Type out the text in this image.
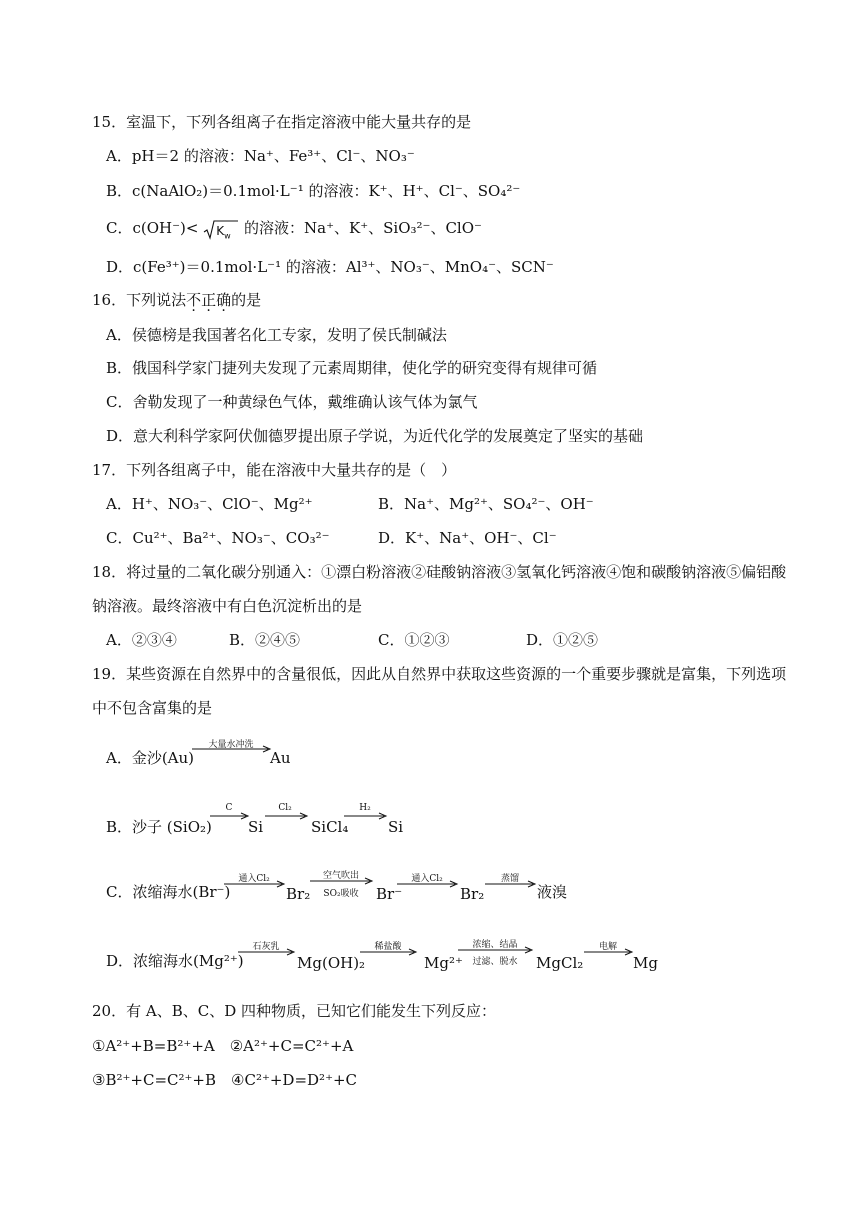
15．室温下，下列各组离子在指定溶液中能大量共存的是
A．pH＝2 的溶液：Na⁺、Fe³⁺、Cl⁻、NO₃⁻
B．c(NaAlO₂)＝0.1mol·L⁻¹ 的溶液：K⁺、H⁺、Cl⁻、SO₄²⁻
C．$c(OH^-)< K_w$ 的溶液：Na⁺、K⁺、SiO₃²⁻、ClO⁻
D．c(Fe³⁺)＝0.1mol·L⁻¹ 的溶液：Al³⁺、NO₃⁻、MnO₄⁻、SCN⁻
16．下列说法不正确的是
A．侯德榜是我国著名化工专家，发明了侯氏制碱法
B．俄国科学家门捷列夫发现了元素周期律，使化学的研究变得有规律可循
C．舍勒发现了一种黄绿色气体，戴维确认该气体为氯气
D．意大利科学家阿伏伽德罗提出原子学说，为近代化学的发展奠定了坚实的基础
17．下列各组离子中，能在溶液中大量共存的是（　）
A．H⁺、NO₃⁻、ClO⁻、Mg²⁺	B．Na⁺、Mg²⁺、SO₄²⁻、OH⁻
C．Cu²⁺、Ba²⁺、NO₃⁻、CO₃²⁻	D．K⁺、Na⁺、OH⁻、Cl⁻
18．将过量的二氧化碳分别通入：①漂白粉溶液②硅酸钠溶液③氢氧化钙溶液④饱和碳酸钠溶液⑤偏铝酸
钠溶液。最终溶液中有白色沉淀析出的是
A．②③④	B．②④⑤	C．①②③	D．①②⑤
19．某些资源在自然界中的含量很低，因此从自然界中获取这些资源的一个重要步骤就是富集，下列选项
中不包含富集的是
A．金沙(Au)
大量水冲洗
Au
B．沙子 (SiO₂)
C
Si
Cl₂
SiCl₄
H₂
Si
C．浓缩海水(Br⁻)
通入Cl₂
Br₂
空气吹出
SO₂吸收	Br⁻
通入Cl₂
Br₂
蒸馏
液溴
D．浓缩海水(Mg²⁺)
石灰乳
Mg(OH)₂
稀盐酸
Mg²⁺
浓缩、结晶
过滤、脱水	MgCl₂
电解
Mg
20．有 A、B、C、D 四种物质，已知它们能发生下列反应：
①A²⁺+B=B²⁺+A　②A²⁺+C=C²⁺+A
③B²⁺+C=C²⁺+B　④C²⁺+D=D²⁺+C
